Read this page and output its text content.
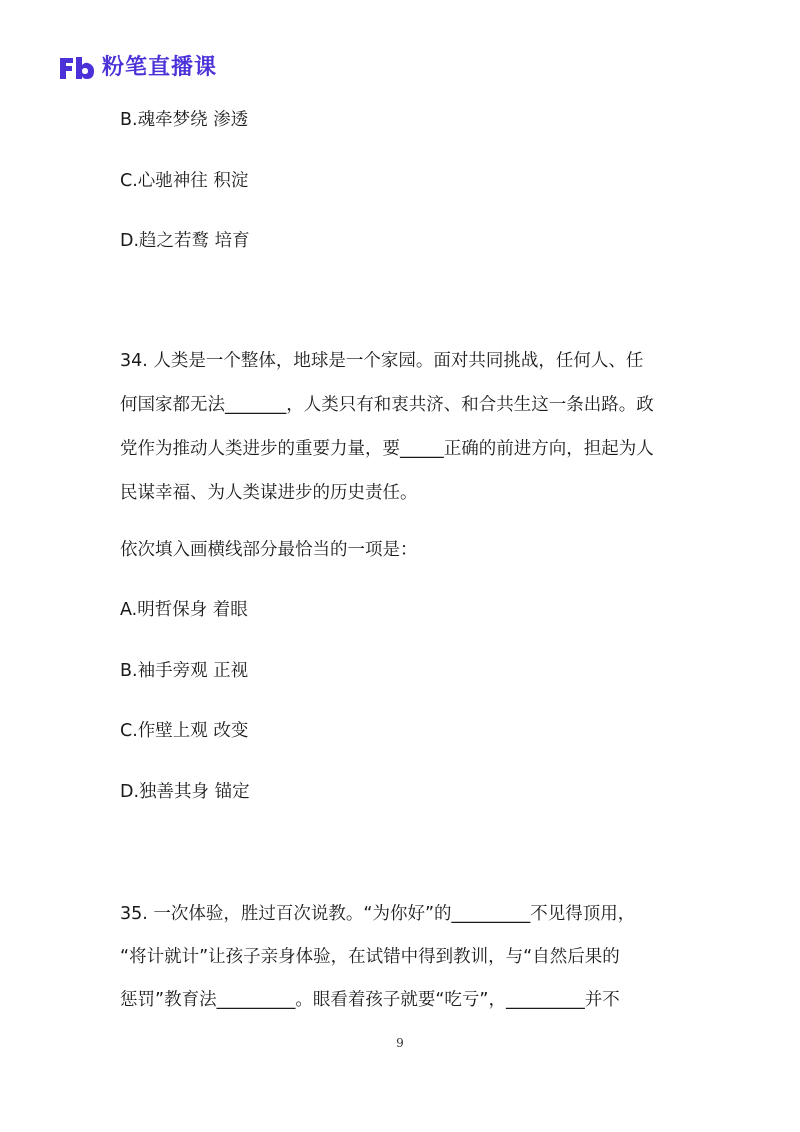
粉笔直播课
B.魂牵梦绕 渗透
C.心驰神往 积淀
D.趋之若鹜 培育
34. 人类是一个整体，地球是一个家园。面对共同挑战，任何人、任
何国家都无法_______，人类只有和衷共济、和合共生这一条出路。政
党作为推动人类进步的重要力量，要_____正确的前进方向，担起为人
民谋幸福、为人类谋进步的历史责任。
依次填入画横线部分最恰当的一项是：
A.明哲保身 着眼
B.袖手旁观 正视
C.作壁上观 改变
D.独善其身 锚定
35. 一次体验，胜过百次说教。“为你好”的_________不见得顶用，
“将计就计”让孩子亲身体验，在试错中得到教训，与“自然后果的
惩罚”教育法_________。眼看着孩子就要“吃亏”，_________并不
9
